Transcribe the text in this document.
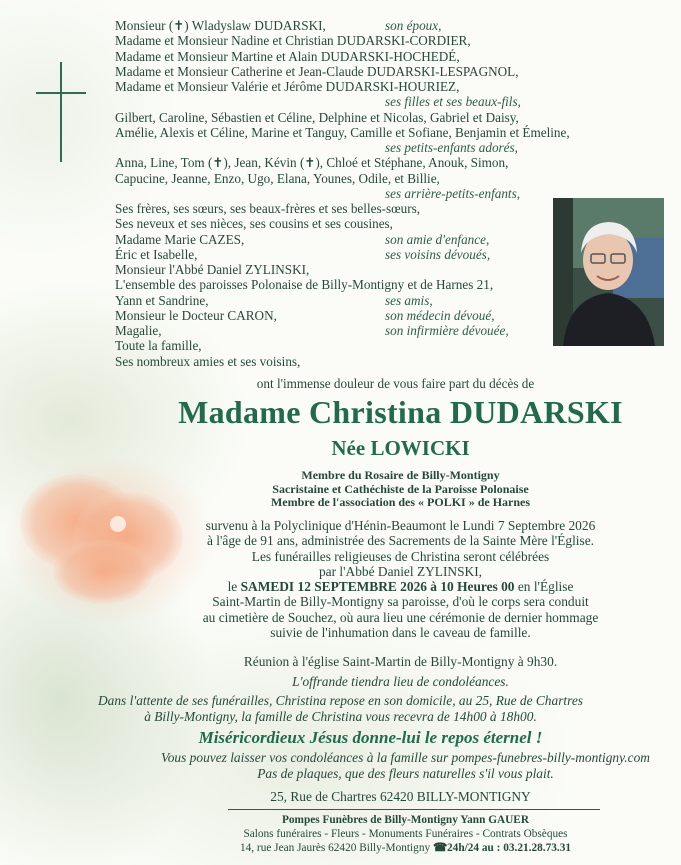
Monsieur (✝) Wladyslaw DUDARSKI,	son époux,
Madame et Monsieur Nadine et Christian DUDARSKI-CORDIER,
Madame et Monsieur Martine et Alain DUDARSKI-HOCHEDÉ,
Madame et Monsieur Catherine et Jean-Claude DUDARSKI-LESPAGNOL,
Madame et Monsieur Valérie et Jérôme DUDARSKI-HOURIEZ,
ses filles et ses beaux-fils,
Gilbert, Caroline, Sébastien et Céline, Delphine et Nicolas, Gabriel et Daisy,
Amélie, Alexis et Céline, Marine et Tanguy, Camille et Sofiane, Benjamin et Émeline,
ses petits-enfants adorés,
Anna, Line, Tom (✝), Jean, Kévin (✝), Chloé et Stéphane, Anouk, Simon,
Capucine, Jeanne, Enzo, Ugo, Elana, Younes, Odile, et Billie,
ses arrière-petits-enfants,
Ses frères, ses sœurs, ses beaux-frères et ses belles-sœurs,
Ses neveux et ses nièces, ses cousins et ses cousines,
Madame Marie CAZES,	son amie d'enfance,
Éric et Isabelle,	ses voisins dévoués,
Monsieur l'Abbé Daniel ZYLINSKI,
L'ensemble des paroisses Polonaise de Billy-Montigny et de Harnes 21,
Yann et Sandrine,	ses amis,
Monsieur le Docteur CARON,	son médecin dévoué,
Magalie,	son infirmière dévouée,
Toute la famille,
Ses nombreux amies et ses voisins,
ont l'immense douleur de vous faire part du décès de
Madame Christina DUDARSKI
Née LOWICKI
Membre du Rosaire de Billy-Montigny
Sacristaine et Cathéchiste de la Paroisse Polonaise
Membre de l'association des « POLKI » de Harnes
survenu à la Polyclinique d'Hénin-Beaumont le Lundi 7 Septembre 2026
à l'âge de 91 ans, administrée des Sacrements de la Sainte Mère l'Église.
Les funérailles religieuses de Christina seront célébrées
par l'Abbé Daniel ZYLINSKI,
le SAMEDI 12 SEPTEMBRE 2026 à 10 Heures 00 en l'Église
Saint-Martin de Billy-Montigny sa paroisse, d'où le corps sera conduit
au cimetière de Souchez, où aura lieu une cérémonie de dernier hommage
suivie de l'inhumation dans le caveau de famille.
Réunion à l'église Saint-Martin de Billy-Montigny à 9h30.
L'offrande tiendra lieu de condoléances.
Dans l'attente de ses funérailles, Christina repose en son domicile, au 25, Rue de Chartres
à Billy-Montigny, la famille de Christina vous recevra de 14h00 à 18h00.
Miséricordieux Jésus donne-lui le repos éternel !
Vous pouvez laisser vos condoléances à la famille sur pompes-funebres-billy-montigny.com
Pas de plaques, que des fleurs naturelles s'il vous plait.
25, Rue de Chartres 62420 BILLY-MONTIGNY
Pompes Funèbres de Billy-Montigny Yann GAUER
Salons funéraires - Fleurs - Monuments Funéraires - Contrats Obsèques
14, rue Jean Jaurès 62420 Billy-Montigny ☎24h/24 au : 03.21.28.73.31
